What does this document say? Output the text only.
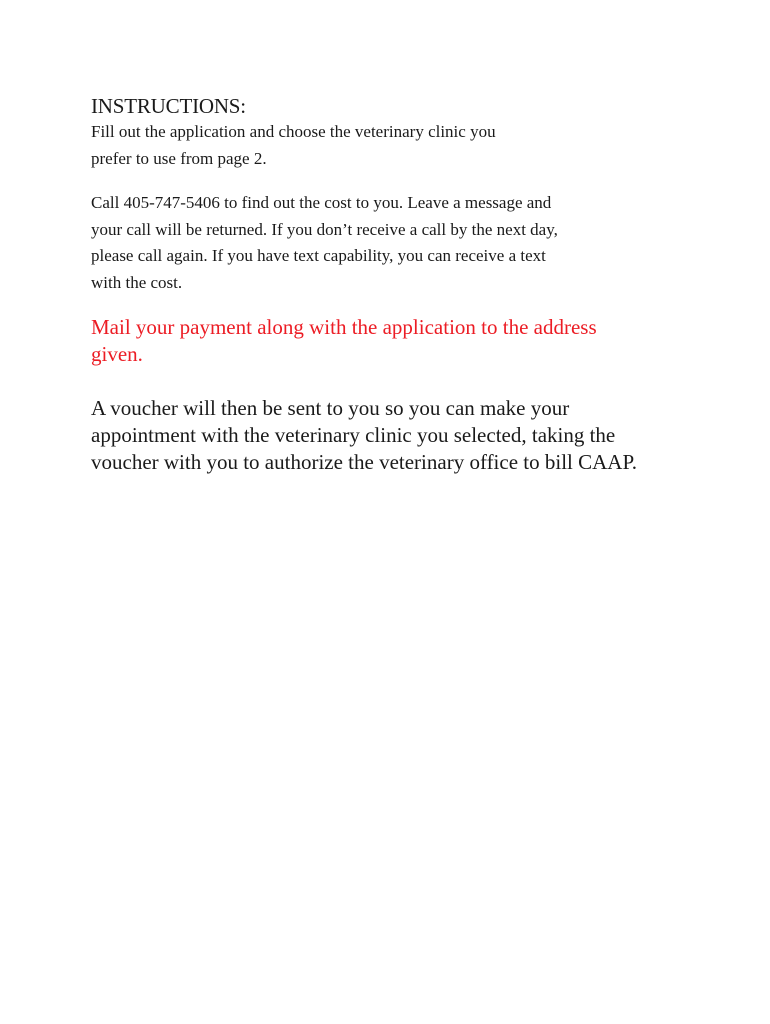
INSTRUCTIONS:

Fill out the application and choose the veterinary clinic you
prefer to use from page 2.

Call 405-747-5406 to find out the cost to you. Leave a message and
your call will be returned. If you don’t receive a call by the next day,
please call again. If you have text capability, you can receive a text
with the cost.

Mail your payment along with the application to the address
given.

A voucher will then be sent to you so you can make your
appointment with the veterinary clinic you selected, taking the
voucher with you to authorize the veterinary office to bill CAAP.
